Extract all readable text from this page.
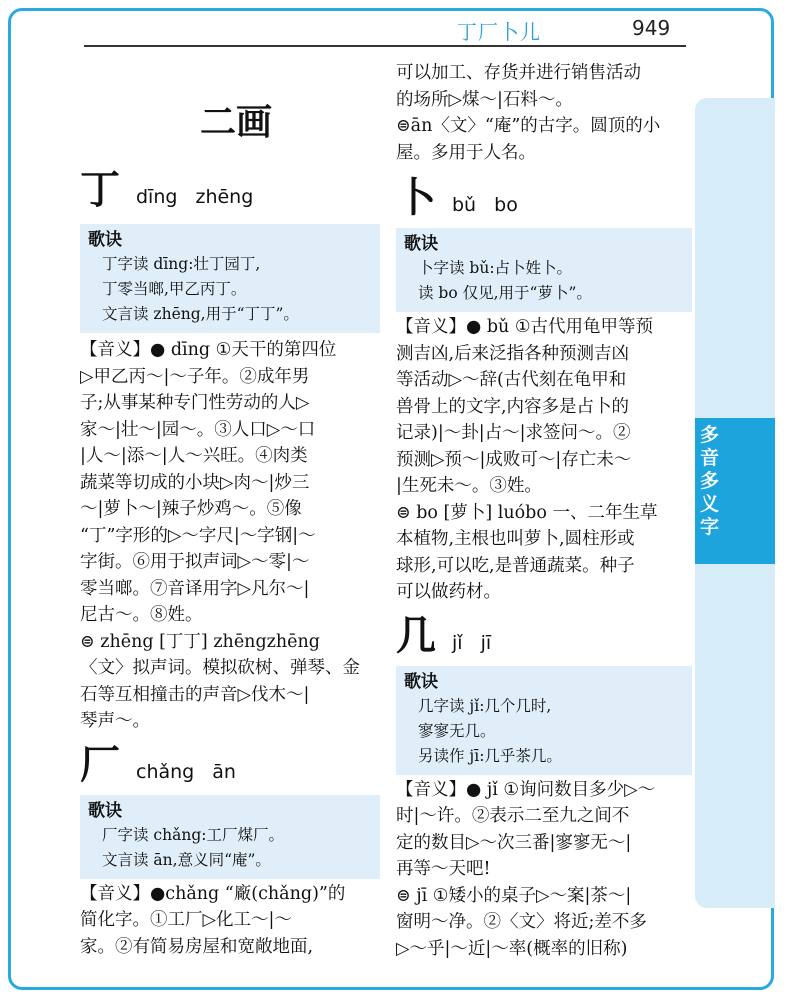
多音多义字
丁厂卜儿	949
二画
丁 dīng zhēng
歌诀
丁字读 dīng:壮丁园丁,
丁零当啷,甲乙丙丁。
文言读 zhēng,用于“丁丁”。
【音义】● dīng ①天干的第四位
▷甲乙丙～|～子年。②成年男
子;从事某种专门性劳动的人▷
家～|壮～|园～。③人口▷～口
|人～|添～|人～兴旺。④肉类
蔬菜等切成的小块▷肉～|炒三
～|萝卜～|辣子炒鸡～。⑤像
“丁”字形的▷～字尺|～字钢|～
字街。⑥用于拟声词▷～零|～
零当啷。⑦音译用字▷凡尔～|
尼古～。⑧姓。
⊜ zhēng [丁丁] zhēngzhēng
〈文〉拟声词。模拟砍树、弹琴、金
石等互相撞击的声音▷伐木～|
琴声～。
厂 chǎng ān
歌诀
厂字读 chǎng:工厂煤厂。
文言读 ān,意义同“庵”。
【音义】●chǎng “廠(chǎng)”的
简化字。①工厂▷化工～|～
家。②有简易房屋和宽敞地面,
可以加工、存货并进行销售活动
的场所▷煤～|石料～。
⊜ān〈文〉“庵”的古字。圆顶的小
屋。多用于人名。
卜 bǔ bo
歌诀
卜字读 bǔ:占卜姓卜。
读 bo 仅见,用于“萝卜”。
【音义】● bǔ ①古代用龟甲等预
测吉凶,后来泛指各种预测吉凶
等活动▷～辞(古代刻在龟甲和
兽骨上的文字,内容多是占卜的
记录)|～卦|占～|求签问～。②
预测▷预～|成败可～|存亡未～
|生死未～。③姓。
⊜ bo [萝卜] luóbo 一、二年生草
本植物,主根也叫萝卜,圆柱形或
球形,可以吃,是普通蔬菜。种子
可以做药材。
几 jǐ jī
歌诀
几字读 jǐ:几个几时,
寥寥无几。
另读作 jī:几乎茶几。
【音义】● jǐ ①询问数目多少▷～
时|～许。②表示二至九之间不
定的数目▷～次三番|寥寥无～|
再等～天吧!
⊜ jī ①矮小的桌子▷～案|茶～|
窗明～净。②〈文〉将近;差不多
▷～乎|～近|～率(概率的旧称)
